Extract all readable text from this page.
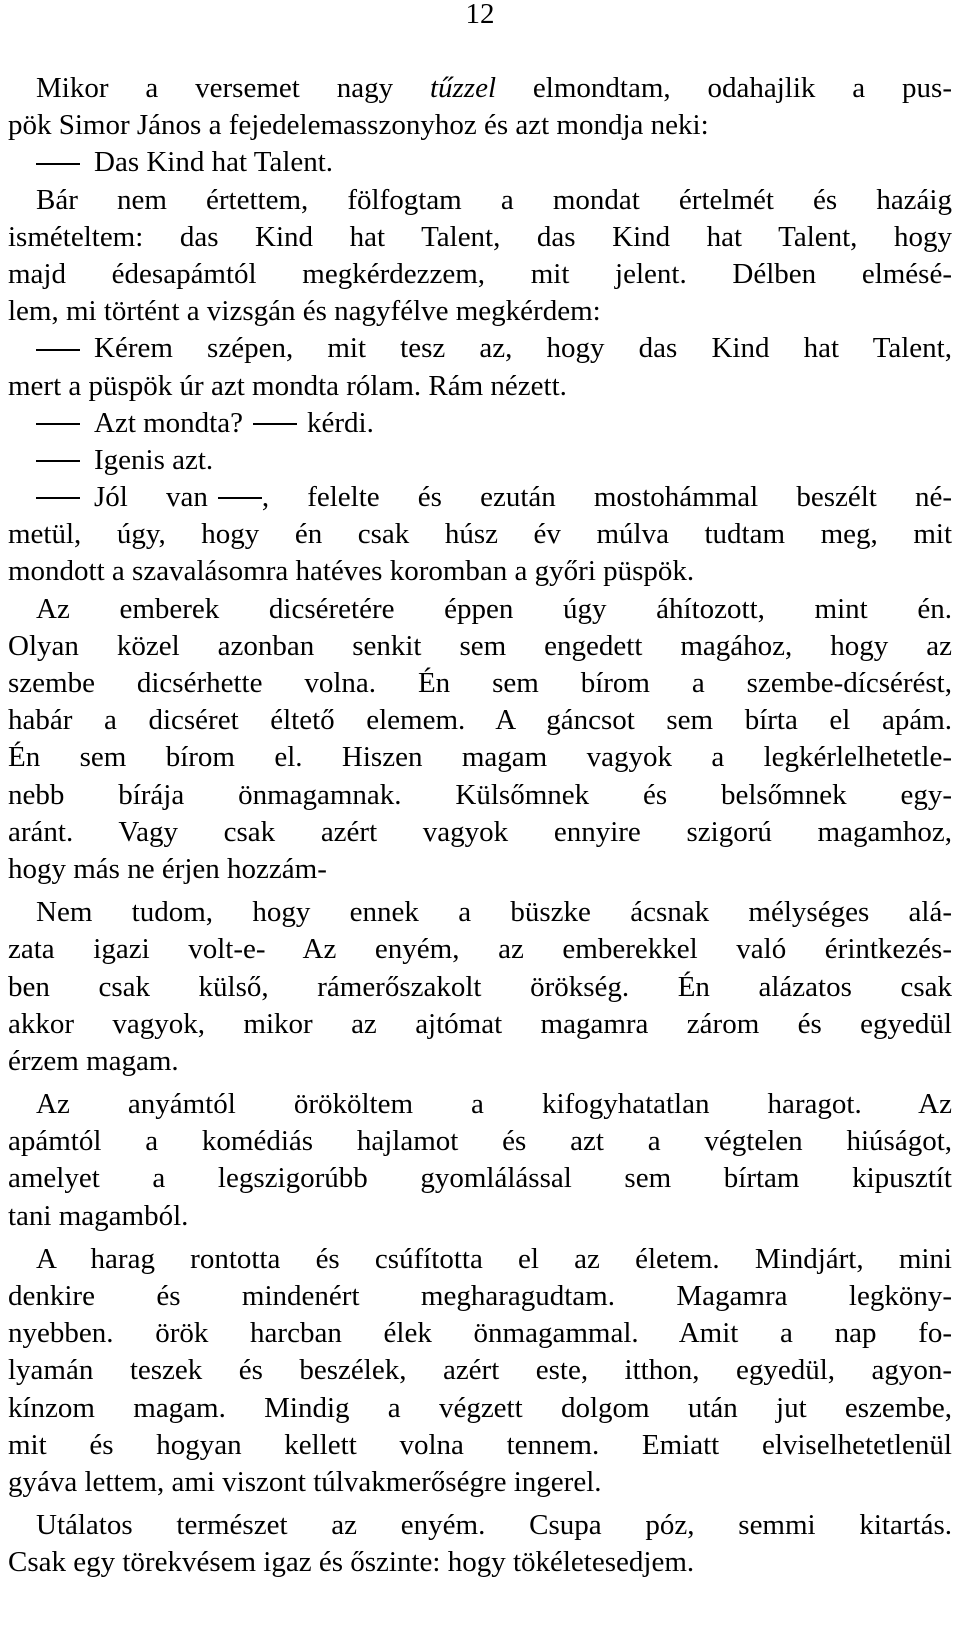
12
Mikor a versemet nagy tűzzel elmondtam, odahajlik a pus-
pök Simor János a fejedelemasszonyhoz és azt mondja neki:
Das Kind hat Talent.
Bár nem értettem, fölfogtam a mondat értelmét és hazáig
ismételtem: das Kind hat Talent, das Kind hat Talent, hogy
majd édesapámtól megkérdezzem, mit jelent. Délben elmésé-
lem, mi történt a vizsgán és nagyfélve megkérdem:
Kérem szépen, mit tesz az, hogy das Kind hat Talent,
mert a püspök úr azt mondta rólam. Rám nézett.
Azt mondta? kérdi.
Igenis azt.
Jól van , felelte és ezután mostohámmal beszélt né-
metül, úgy, hogy én csak húsz év múlva tudtam meg, mit
mondott a szavalásomra hatéves koromban a győri püspök.
Az emberek dicséretére éppen úgy áhítozott, mint én.
Olyan közel azonban senkit sem engedett magához, hogy az
szembe dicsérhette volna. Én sem bírom a szembe-dícsérést,
habár a dicséret éltető elemem. A gáncsot sem bírta el apám.
Én sem bírom el. Hiszen magam vagyok a legkérlelhetetle-
nebb bírája önmagamnak. Külsőmnek és belsőmnek egy-
aránt. Vagy csak azért vagyok ennyire szigorú magamhoz,
hogy más ne érjen hozzám-
Nem tudom, hogy ennek a büszke ácsnak mélységes alá-
zata igazi volt-e- Az enyém, az emberekkel való érintkezés-
ben csak külső, rámerőszakolt örökség. Én alázatos csak
akkor vagyok, mikor az ajtómat magamra zárom és egyedül
érzem magam.
Az anyámtól örököltem a kifogyhatatlan haragot. Az
apámtól a komédiás hajlamot és azt a végtelen hiúságot,
amelyet a legszigorúbb gyomlálással sem bírtam kipusztít
tani magamból.
A harag rontotta és csúfította el az életem. Mindjárt, mini
denkire és mindenért megharagudtam. Magamra legköny-
nyebben. örök harcban élek önmagammal. Amit a nap fo-
lyamán teszek és beszélek, azért este, itthon, egyedül, agyon-
kínzom magam. Mindig a végzett dolgom után jut eszembe,
mit és hogyan kellett volna tennem. Emiatt elviselhetetlenül
gyáva lettem, ami viszont túlvakmerőségre ingerel.
Utálatos természet az enyém. Csupa póz, semmi kitartás.
Csak egy törekvésem igaz és őszinte: hogy tökéletesedjem.
